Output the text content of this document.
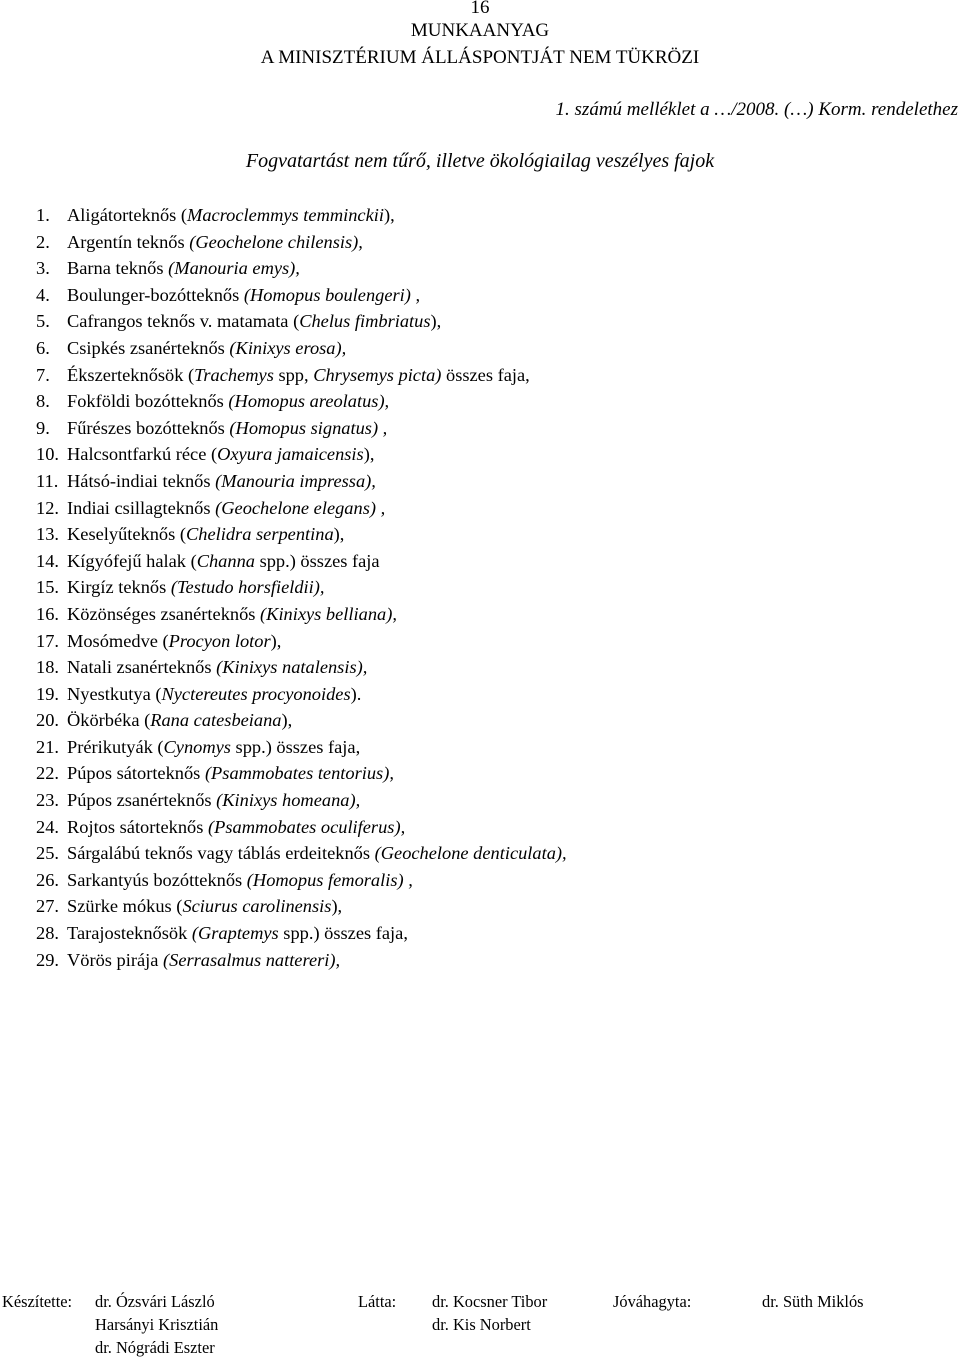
16
MUNKAANYAG
A MINISZTÉRIUM ÁLLÁSPONTJÁT NEM TÜKRÖZI
1. számú melléklet a …/2008. (…) Korm. rendelethez
Fogvatartást nem tűrő, illetve ökológiailag veszélyes fajok
1. Aligátorteknős (Macroclemmys temminckii),
2. Argentín teknős (Geochelone chilensis),
3. Barna teknős (Manouria emys),
4. Boulunger-bozótteknős (Homopus boulengeri) ,
5. Cafrangos teknős v. matamata (Chelus fimbriatus),
6. Csipkés zsanérteknős (Kinixys erosa),
7. Ékszerteknősök (Trachemys spp, Chrysemys picta) összes faja,
8. Fokföldi bozótteknős (Homopus areolatus),
9. Fűrészes bozótteknős (Homopus signatus) ,
10. Halcsontfarkú réce (Oxyura jamaicensis),
11. Hátsó-indiai teknős (Manouria impressa),
12. Indiai csillagteknős (Geochelone elegans) ,
13. Keselyűteknős (Chelidra serpentina),
14. Kígyófejű halak (Channa spp.) összes faja
15. Kirgíz teknős (Testudo horsfieldii),
16. Közönséges zsanérteknős (Kinixys belliana),
17. Mosómedve (Procyon lotor),
18. Natali zsanérteknős (Kinixys natalensis),
19. Nyestkutya (Nyctereutes procyonoides).
20. Ökörbéka (Rana catesbeiana),
21. Prérikutyák (Cynomys spp.) összes faja,
22. Púpos sátorteknős (Psammobates tentorius),
23. Púpos zsanérteknős (Kinixys homeana),
24. Rojtos sátorteknős (Psammobates oculiferus),
25. Sárgalábú teknős vagy táblás erdeiteknős (Geochelone denticulata),
26. Sarkantyús bozótteknős (Homopus femoralis) ,
27. Szürke mókus (Sciurus carolinensis),
28. Tarajosteknősök (Graptemys spp.) összes faja,
29. Vörös pirája (Serrasalmus nattereri),
Készítette: dr. Ózsvári László
Harsányi Krisztián
dr. Nógrádi Eszter
Látta: dr. Kocsner Tibor
dr. Kis Norbert
Jóváhagyta:	dr. Süth Miklós
